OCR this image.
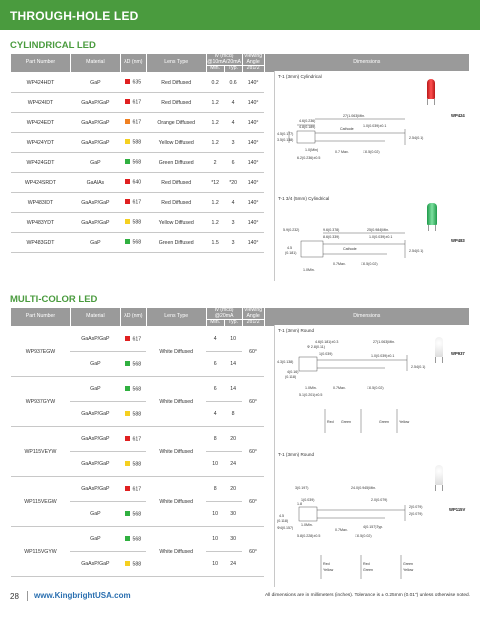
THROUGH-HOLE LED
CYLINDRICAL LED
Part Number	Material	λD (nm)	Lens Type	Iv (mcd) @10mA/20mA		Viewing Angle	Dimensions
				Min.	Typ.	2θ1/2	
WP424HDT	GaP	635	Red Diffused	0.2	0.6	140°	
WP424IDT	GaAsP/GaP	617	Red Diffused	1.2	4	140°	
WP424EDT	GaAsP/GaP	617	Orange Diffused	1.2	4	140°	
WP424YDT	GaAsP/GaP	588	Yellow Diffused	1.2	3	140°	
WP424GDT	GaP	568	Green Diffused	2	6	140°	
WP424SRDT	GaAlAs	640	Red Diffused	*12	*20	140°	
WP483IDT	GaAsP/GaP	617	Red Diffused	1.2	4	140°	
WP483YDT	GaAsP/GaP	588	Yellow Diffused	1.2	3	140°	
WP483GDT	GaP	568	Green Diffused	1.5	3	140°	
T-1 (3mm) Cylindrical
WP424
4.6(0.236)
27(1.063)Min.
4.5(0.177)
4.8(0.189)	Cathode
1.0(0.039)±0.1
3.5(0.138)	2.54(0.1)
1.0(Min)	0.7 Max.	□0.5(0.02)
6.2(0.236)±0.5
T-1 3/4 (5mm) Cylindrical
WP483
5.9(0.232)	9.6(0.378)	25(0.984)Min.
8.6(0.339)	1.0(0.039)±0.1
4.5
(0.181)
Cathode	2.54(0.1)
0.7Max.	□0.5(0.02)
1.0Min.
MULTI-COLOR LED
Part Number	Material	λD (nm)	Lens Type	Iv (mcd) @20mA		Viewing Angle	Dimensions
				Min.	Typ.	2θ1/2	
WP937EGW	GaAsP/GaP	617	White Diffused	4	10	60°	
	GaP	568		6	14		
WP937GYW	GaP	568	White Diffused	6	14	60°	
	GaAsP/GaP	588		4	8		
WP115VEYW	GaAsP/GaP	617	White Diffused	8	20	60°	
	GaAsP/GaP	588		10	24		
WP115VEGW	GaAsP/GaP	617	White Diffused	8	20	60°	
	GaP	568		10	30		
WP115VGYW	GaP	568	White Diffused	10	30	60°	
	GaAsP/GaP	588		10	24		
T-1 (3mm) Round
WP937
4.6(0.181)±0.3	27(1.063)Min.
Φ 2.8(0.11)
1(0.039)
4.3(0.138)
1.0(0.039)±0.1
4(0.16)
(0.118)
2.54(0.1)
1.0Min.	0.7Max.	□0.5(0.02)
5.1(0.201)±0.5
Red Green	Green	Yellow
T-1 (3mm) Round
WP115V
3(0.197)	24.0(0.945)Min.
1(0.039)	2.0(0.079)
1.8
2(0.079)
4.5
(0.118)
2(0.079)
Φ4(0.157)
1.0Min.
0.7Max.
4(0.157)Typ.
5.8(0.228)±0.5	□0.5(0.02)
Red
Yellow
Red
Green
Green
Yellow
28 www.KingbrightUSA.com	All dimensions are in millimeters (inches). Tolerance is ± 0.25mm (0.01") unless otherwise noted.
